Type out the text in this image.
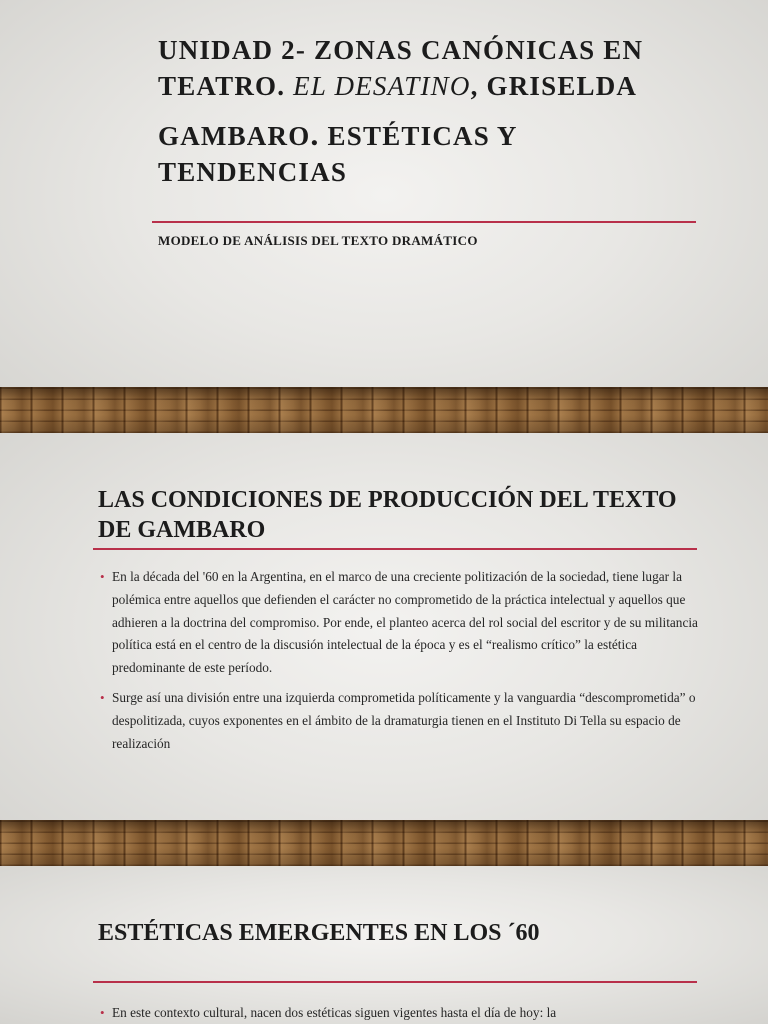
UNIDAD 2- ZONAS CANÓNICAS EN
TEATRO. EL DESATINO, GRISELDA
GAMBARO. ESTÉTICAS Y
TENDENCIAS
MODELO DE ANÁLISIS DEL TEXTO DRAMÁTICO
LAS CONDICIONES DE PRODUCCIÓN DEL TEXTO DE GAMBARO
• En la década del '60 en la Argentina, en el marco de una creciente politización de la sociedad, tiene lugar la polémica entre aquellos que defienden el carácter no comprometido de la práctica intelectual y aquellos que adhieren a la doctrina del compromiso. Por ende, el planteo acerca del rol social del escritor y de su militancia política está en el centro de la discusión intelectual de la época y es el “realismo crítico” la estética predominante de este período.
• Surge así una división entre una izquierda comprometida políticamente y la vanguardia “descomprometida” o despolitizada, cuyos exponentes en el ámbito de la dramaturgia tienen en el Instituto Di Tella su espacio de realización
ESTÉTICAS EMERGENTES EN LOS ´60
• En este contexto cultural, nacen dos estéticas siguen vigentes hasta el día de hoy: la
